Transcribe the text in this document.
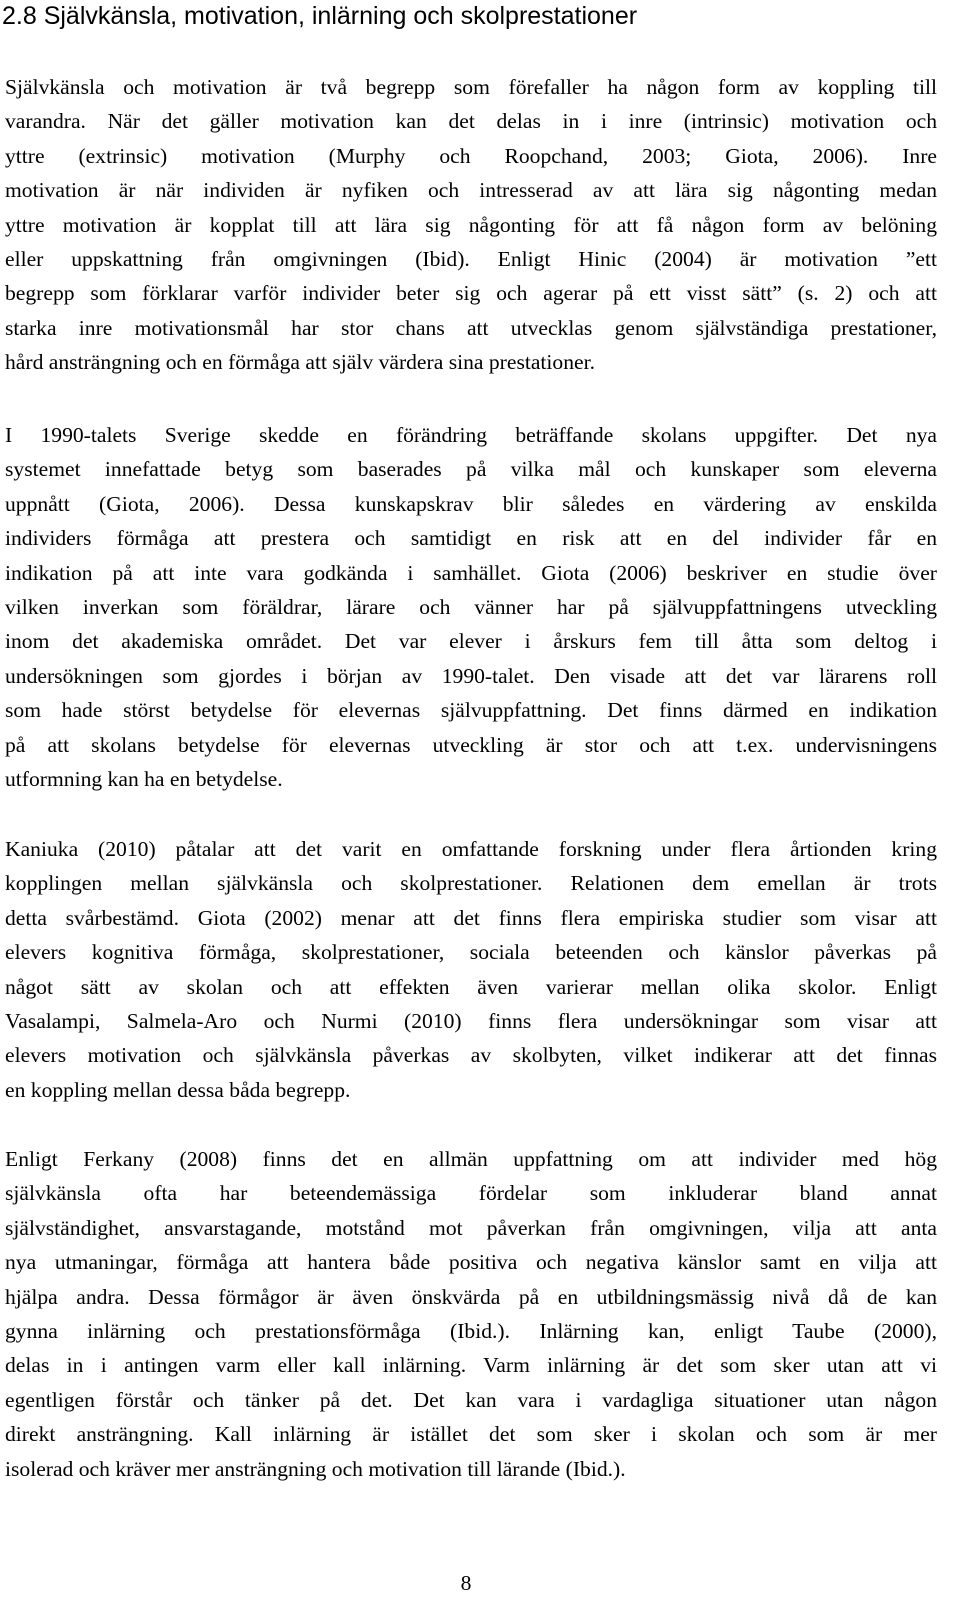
2.8 Självkänsla, motivation, inlärning och skolprestationer

Självkänsla och motivation är två begrepp som förefaller ha någon form av koppling till
varandra. När det gäller motivation kan det delas in i inre (intrinsic) motivation och
yttre (extrinsic) motivation (Murphy och Roopchand, 2003; Giota, 2006). Inre
motivation är när individen är nyfiken och intresserad av att lära sig någonting medan
yttre motivation är kopplat till att lära sig någonting för att få någon form av belöning
eller uppskattning från omgivningen (Ibid). Enligt Hinic (2004) är motivation ”ett
begrepp som förklarar varför individer beter sig och agerar på ett visst sätt” (s. 2) och att
starka inre motivationsmål har stor chans att utvecklas genom självständiga prestationer,
hård ansträngning och en förmåga att själv värdera sina prestationer.

I 1990-talets Sverige skedde en förändring beträffande skolans uppgifter. Det nya
systemet innefattade betyg som baserades på vilka mål och kunskaper som eleverna
uppnått (Giota, 2006). Dessa kunskapskrav blir således en värdering av enskilda
individers förmåga att prestera och samtidigt en risk att en del individer får en
indikation på att inte vara godkända i samhället. Giota (2006) beskriver en studie över
vilken inverkan som föräldrar, lärare och vänner har på självuppfattningens utveckling
inom det akademiska området. Det var elever i årskurs fem till åtta som deltog i
undersökningen som gjordes i början av 1990-talet. Den visade att det var lärarens roll
som hade störst betydelse för elevernas självuppfattning. Det finns därmed en indikation
på att skolans betydelse för elevernas utveckling är stor och att t.ex. undervisningens
utformning kan ha en betydelse.

Kaniuka (2010) påtalar att det varit en omfattande forskning under flera årtionden kring
kopplingen mellan självkänsla och skolprestationer. Relationen dem emellan är trots
detta svårbestämd. Giota (2002) menar att det finns flera empiriska studier som visar att
elevers kognitiva förmåga, skolprestationer, sociala beteenden och känslor påverkas på
något sätt av skolan och att effekten även varierar mellan olika skolor. Enligt
Vasalampi, Salmela-Aro och Nurmi (2010) finns flera undersökningar som visar att
elevers motivation och självkänsla påverkas av skolbyten, vilket indikerar att det finnas
en koppling mellan dessa båda begrepp.

Enligt Ferkany (2008) finns det en allmän uppfattning om att individer med hög
självkänsla ofta har beteendemässiga fördelar som inkluderar bland annat
självständighet, ansvarstagande, motstånd mot påverkan från omgivningen, vilja att anta
nya utmaningar, förmåga att hantera både positiva och negativa känslor samt en vilja att
hjälpa andra. Dessa förmågor är även önskvärda på en utbildningsmässig nivå då de kan
gynna inlärning och prestationsförmåga (Ibid.). Inlärning kan, enligt Taube (2000),
delas in i antingen varm eller kall inlärning. Varm inlärning är det som sker utan att vi
egentligen förstår och tänker på det. Det kan vara i vardagliga situationer utan någon
direkt ansträngning. Kall inlärning är istället det som sker i skolan och som är mer
isolerad och kräver mer ansträngning och motivation till lärande (Ibid.).

8
